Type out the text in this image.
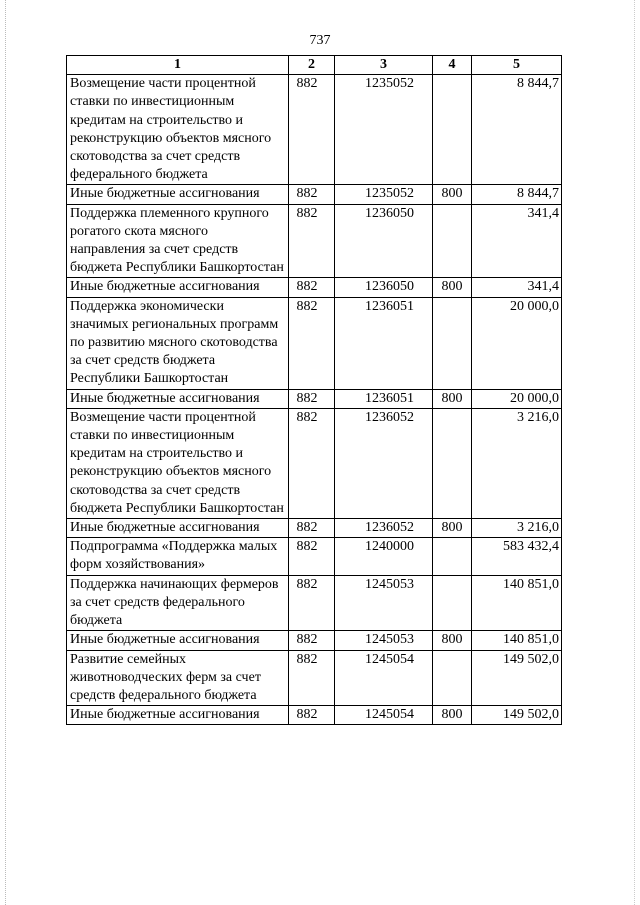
737
1	2	3	4	5
Возмещение части процентной ставки по инвестиционным кредитам на строительство и реконструкцию объектов мясного скотоводства за счет средств федерального бюджета	882	1235052		8 844,7
Иные бюджетные ассигнования	882	1235052	800	8 844,7
Поддержка племенного крупного рогатого скота мясного направления за счет средств бюджета Республики Башкортостан	882	1236050		341,4
Иные бюджетные ассигнования	882	1236050	800	341,4
Поддержка экономически значимых региональных программ по развитию мясного скотоводства за счет средств бюджета Республики Башкортостан	882	1236051		20 000,0
Иные бюджетные ассигнования	882	1236051	800	20 000,0
Возмещение части процентной ставки по инвестиционным кредитам на строительство и реконструкцию объектов мясного скотоводства за счет средств бюджета Республики Башкортостан	882	1236052		3 216,0
Иные бюджетные ассигнования	882	1236052	800	3 216,0
Подпрограмма «Поддержка малых форм хозяйствования»	882	1240000		583 432,4
Поддержка начинающих фермеров за счет средств федерального бюджета	882	1245053		140 851,0
Иные бюджетные ассигнования	882	1245053	800	140 851,0
Развитие семейных животноводческих ферм за счет средств федерального бюджета	882	1245054		149 502,0
Иные бюджетные ассигнования	882	1245054	800	149 502,0
